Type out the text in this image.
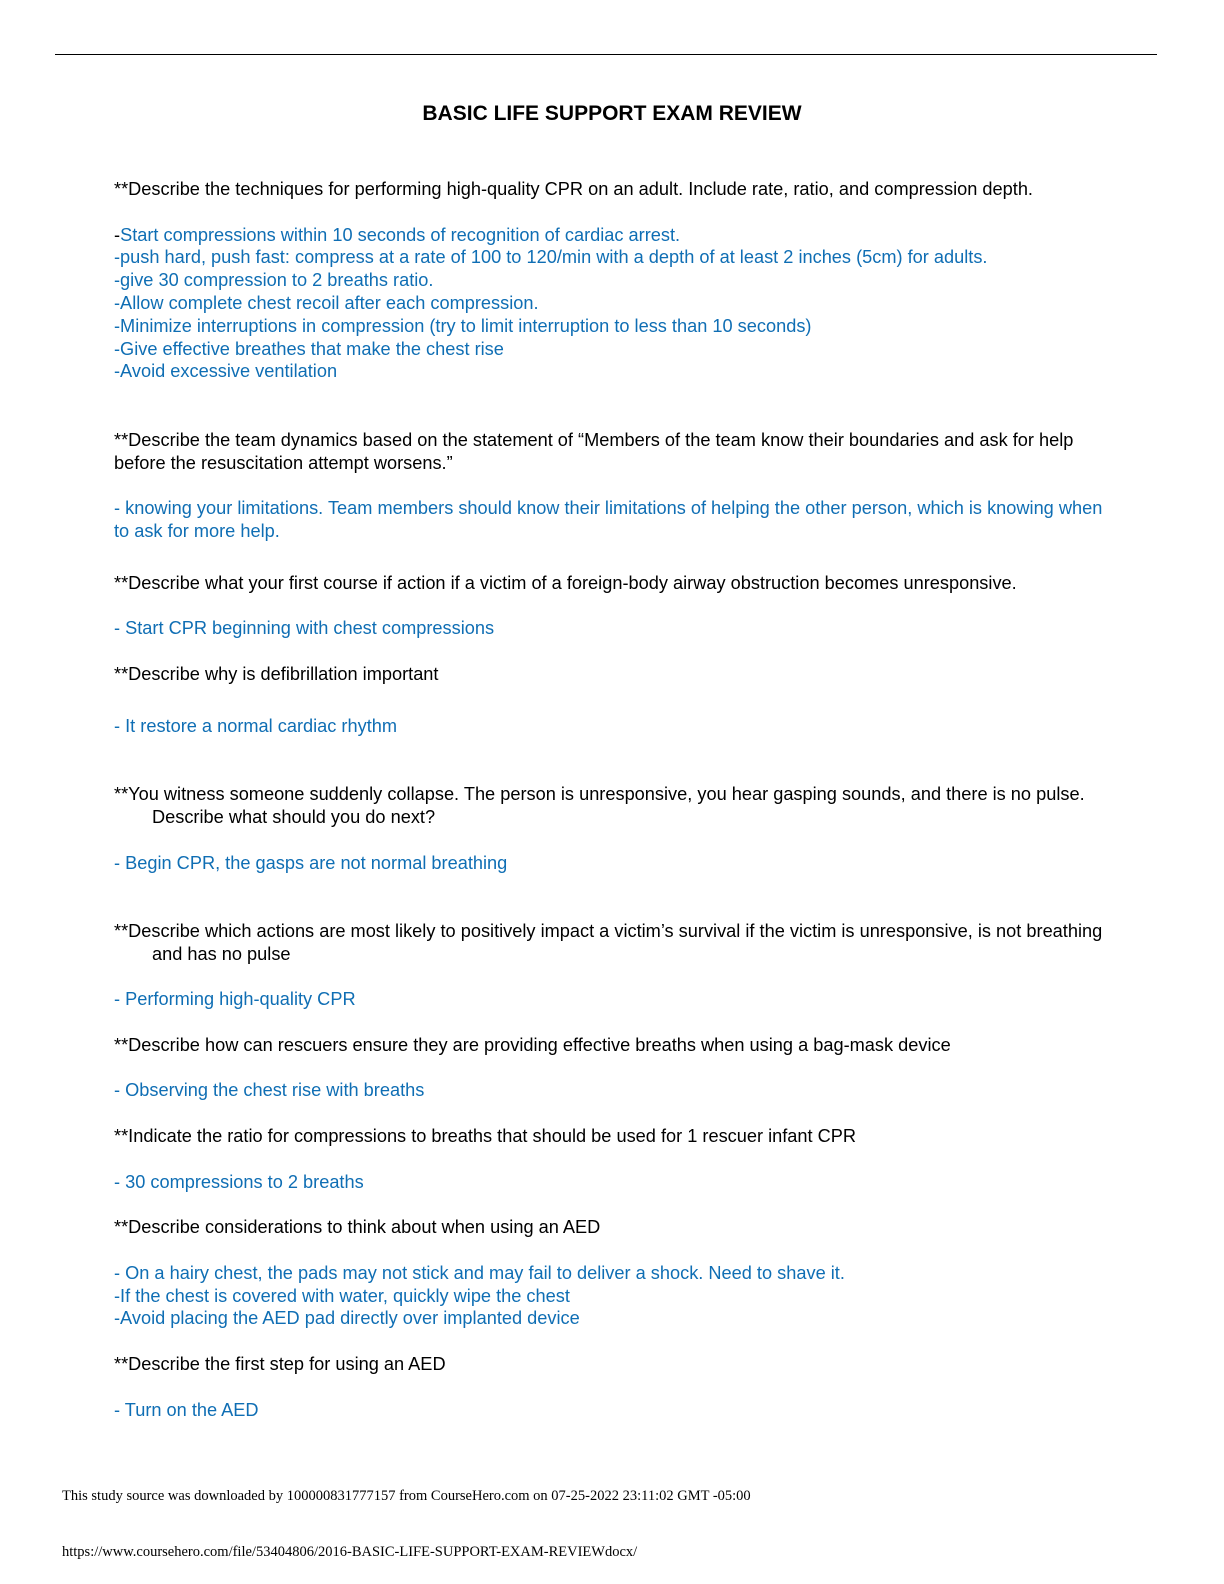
BASIC LIFE SUPPORT EXAM REVIEW

**Describe the techniques for performing high-quality CPR on an adult. Include rate, ratio, and compression depth.

-Start compressions within 10 seconds of recognition of cardiac arrest.

-push hard, push fast: compress at a rate of 100 to 120/min with a depth of at least 2 inches (5cm) for adults.

-give 30 compression to 2 breaths ratio.

-Allow complete chest recoil after each compression.

-Minimize interruptions in compression (try to limit interruption to less than 10 seconds)

-Give effective breathes that make the chest rise

-Avoid excessive ventilation

**Describe the team dynamics based on the statement of “Members of the team know their boundaries and ask for help before the resuscitation attempt worsens.”

- knowing your limitations. Team members should know their limitations of helping the other person, which is knowing when to ask for more help.

**Describe what your first course if action if a victim of a foreign-body airway obstruction becomes unresponsive.

- Start CPR beginning with chest compressions

**Describe why is defibrillation important

- It restore a normal cardiac rhythm

**You witness someone suddenly collapse. The person is unresponsive, you hear gasping sounds, and there is no pulse. Describe what should you do next?

- Begin CPR, the gasps are not normal breathing

**Describe which actions are most likely to positively impact a victim’s survival if the victim is unresponsive, is not breathing and has no pulse

- Performing high-quality CPR

**Describe how can rescuers ensure they are providing effective breaths when using a bag-mask device

- Observing the chest rise with breaths

**Indicate the ratio for compressions to breaths that should be used for 1 rescuer infant CPR

- 30 compressions to 2 breaths

**Describe considerations to think about when using an AED

- On a hairy chest, the pads may not stick and may fail to deliver a shock. Need to shave it.

-If the chest is covered with water, quickly wipe the chest

-Avoid placing the AED pad directly over implanted device

**Describe the first step for using an AED

- Turn on the AED

This study source was downloaded by 100000831777157 from CourseHero.com on 07-25-2022 23:11:02 GMT -05:00
https://www.coursehero.com/file/53404806/2016-BASIC-LIFE-SUPPORT-EXAM-REVIEWdocx/
